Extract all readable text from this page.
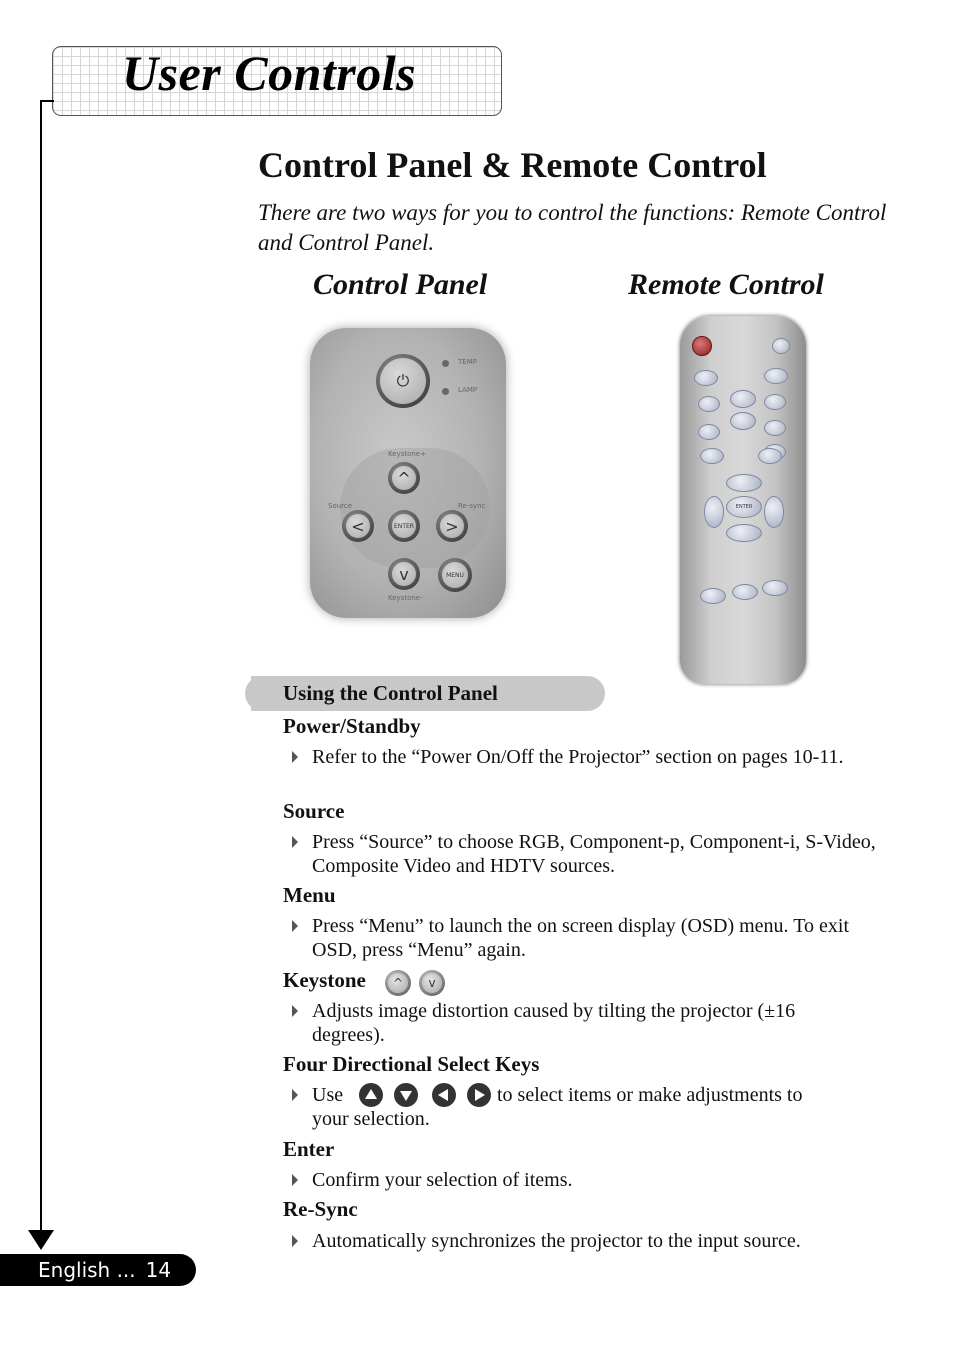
User Controls
Control Panel & Remote Control
There are two ways for you to control the functions: Remote Control and Control Panel.
Control Panel	Remote Control
⏻
TEMP
LAMP
Keystone+
^
Source	Re-sync
<	ENTER	>
v	MENU
Keystone-
ENTER
Using the Control Panel
Power/Standby
Refer to the “Power On/Off the Projector” section on pages 10-11.
Source
Press “Source” to choose RGB, Component-p, Component-i, S-Video, Composite Video and HDTV sources.
Menu
Press “Menu” to launch the on screen display (OSD) menu. To exit OSD, press “Menu” again.
Keystone	^	v
Adjusts image distortion caused by tilting the projector (±16 degrees).
Four Directional Select Keys
Use	to select items or make adjustments to
Enter
Confirm your selection of items.
Re-Sync
Automatically synchronizes the projector to the input source.
English ... 14
your selection.
